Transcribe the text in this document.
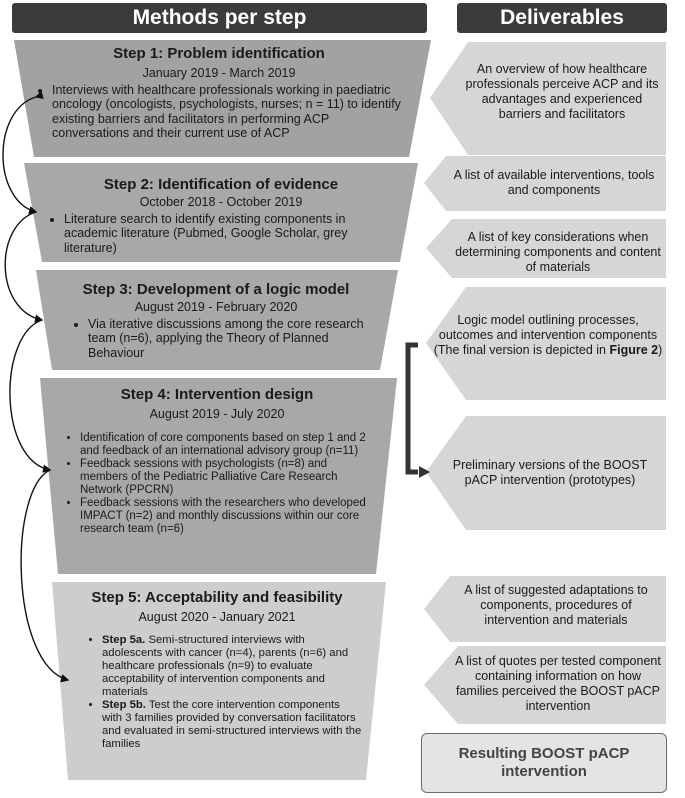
Methods per step	Deliverables
Step 1: Problem identification
January 2019 - March 2019
• Interviews with healthcare professionals working in paediatric oncology (oncologists, psychologists, nurses; n = 11) to identify existing barriers and facilitators in performing ACP conversations and their current use of ACP
Step 2: Identification of evidence
October 2018 - October 2019
• Literature search to identify existing components in academic literature (Pubmed, Google Scholar, grey literature)
Step 3: Development of a logic model
August 2019 - February 2020
• Via iterative discussions among the core research team (n=6), applying the Theory of Planned Behaviour
Step 4: Intervention design
August 2019 - July 2020
• Identification of core components based on step 1 and 2 and feedback of an international advisory group (n=11)
• Feedback sessions with psychologists (n=8) and members of the Pediatric Palliative Care Research Network (PPCRN)
• Feedback sessions with the researchers who developed IMPACT (n=2) and monthly discussions within our core research team (n=6)
Step 5: Acceptability and feasibility
August 2020 - January 2021
• Step 5a. Semi-structured interviews with adolescents with cancer (n=4), parents (n=6) and healthcare professionals (n=9) to evaluate acceptability of intervention components and materials
• Step 5b. Test the core intervention components with 3 families provided by conversation facilitators and evaluated in semi-structured interviews with the families
An overview of how healthcare professionals perceive ACP and its advantages and experienced barriers and facilitators
A list of available interventions, tools and components
A list of key considerations when determining components and content of materials
Logic model outlining processes, outcomes and intervention components (The final version is depicted in Figure 2)
Preliminary versions of the BOOST pACP intervention (prototypes)
A list of suggested adaptations to components, procedures of intervention and materials
A list of quotes per tested component containing information on how families perceived the BOOST pACP intervention
Resulting BOOST pACP intervention
